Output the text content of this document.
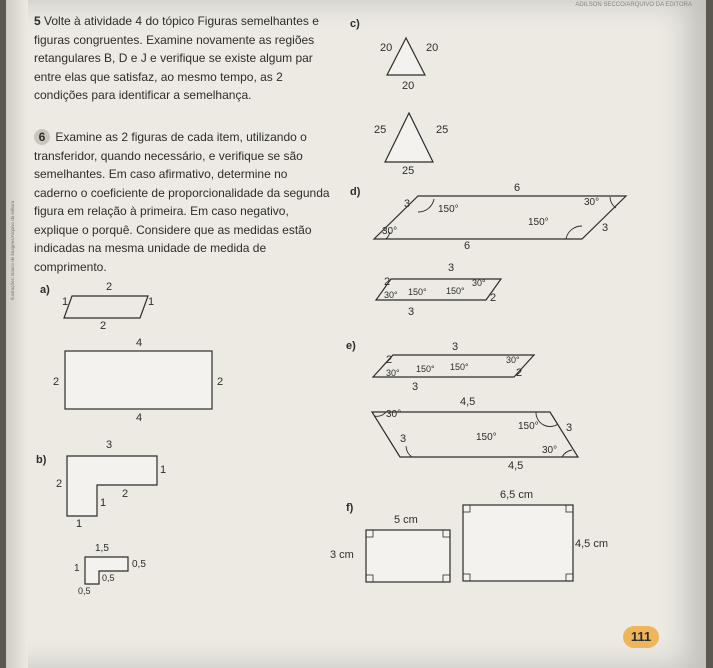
Ilustrações: Banco de imagens/Arquivo da editora
ADILSON SECCO/ARQUIVO DA EDITORA
5 Volte à atividade 4 do tópico Figuras semelhantes e figuras congruentes. Examine novamente as regiões retangulares B, D e J e verifique se existe algum par entre elas que satisfaz, ao mesmo tempo, as 2 condições para identificar a semelhança.
6 Examine as 2 figuras de cada item, utilizando o transferidor, quando necessário, e verifique se são semelhantes. Em caso afirmativo, determine no caderno o coeficiente de proporcionalidade da segunda figura em relação à primeira. Em caso negativo, explique o porquê. Considere que as medidas estão indicadas na mesma unidade de medida de comprimento.
a)	2
1	1
2
4
2	2
4
b)
3
1
2
2
1
1
1,5
1	0,5
0,5
0,5
c)
20	20
20
25	25
25
d)	6
3	150°
30°
150°
30°	3
6
3
2
30° 150° 150°
30°
2
3
e)	3
2
30° 150° 150°
30°
2
3
4,5
30°
150° 3
3	150°
30°
4,5
f)
5 cm
3 cm
6,5 cm
4,5 cm
111
